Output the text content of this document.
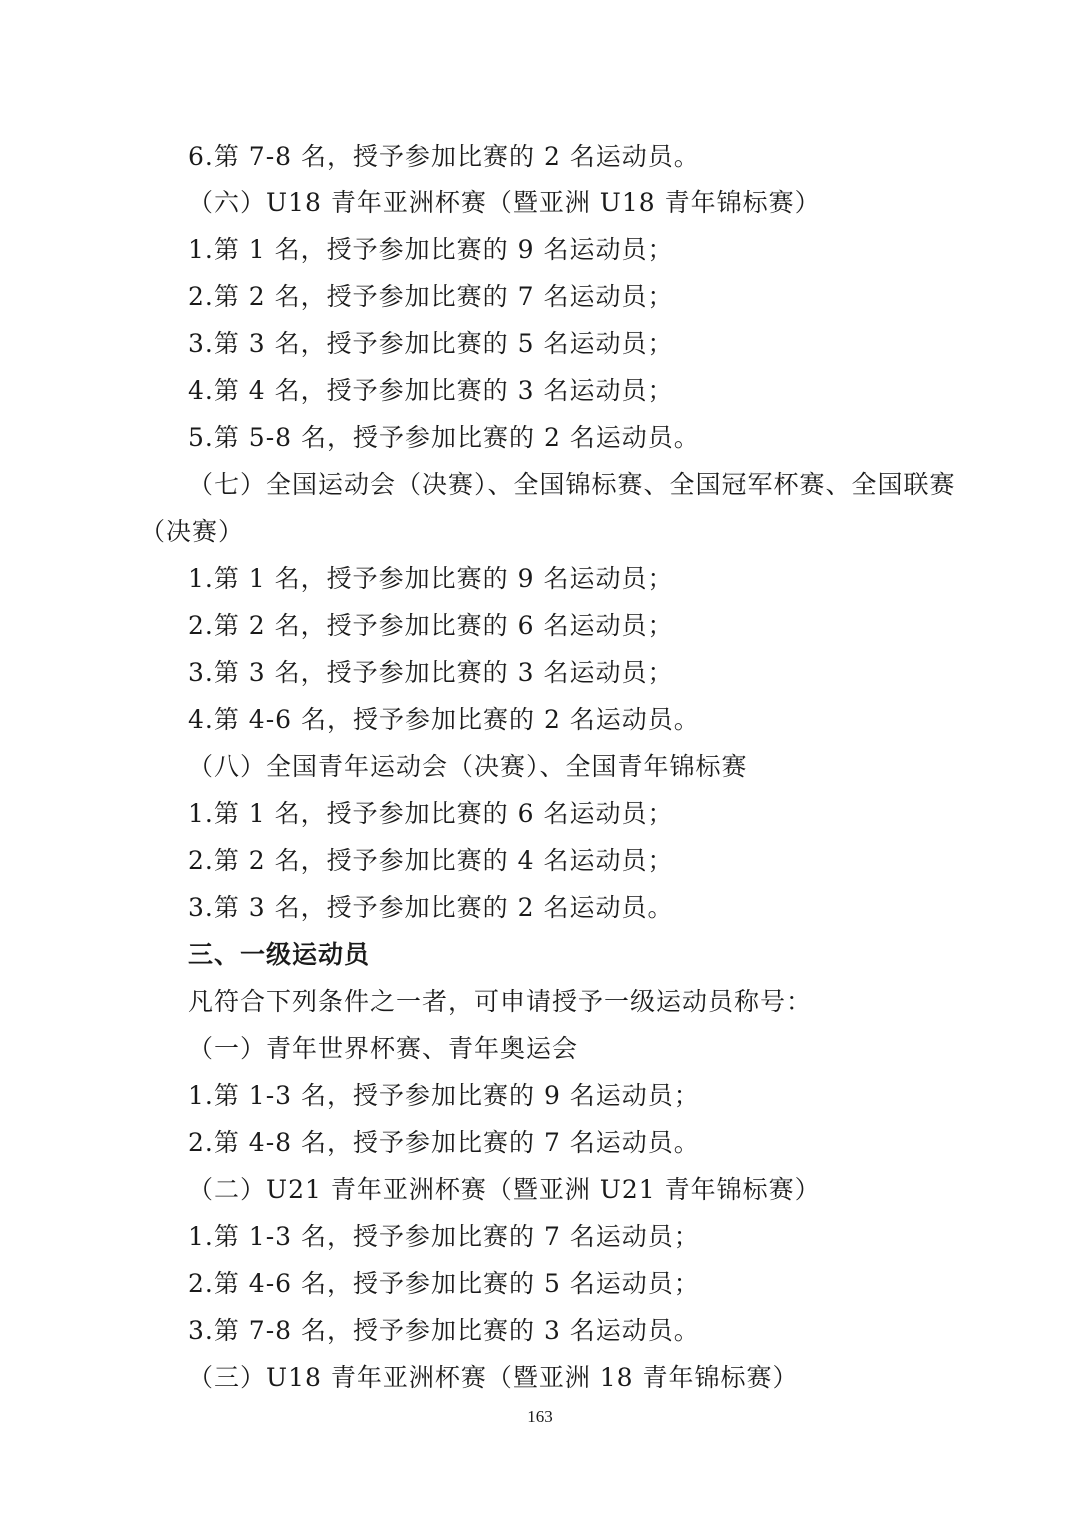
6.第 7-8 名，授予参加比赛的 2 名运动员。
（六）U18 青年亚洲杯赛（暨亚洲 U18 青年锦标赛）
1.第 1 名，授予参加比赛的 9 名运动员；
2.第 2 名，授予参加比赛的 7 名运动员；
3.第 3 名，授予参加比赛的 5 名运动员；
4.第 4 名，授予参加比赛的 3 名运动员；
5.第 5-8 名，授予参加比赛的 2 名运动员。
（七）全国运动会（决赛）、全国锦标赛、全国冠军杯赛、全国联赛
（决赛）
1.第 1 名，授予参加比赛的 9 名运动员；
2.第 2 名，授予参加比赛的 6 名运动员；
3.第 3 名，授予参加比赛的 3 名运动员；
4.第 4-6 名，授予参加比赛的 2 名运动员。
（八）全国青年运动会（决赛）、全国青年锦标赛
1.第 1 名，授予参加比赛的 6 名运动员；
2.第 2 名，授予参加比赛的 4 名运动员；
3.第 3 名，授予参加比赛的 2 名运动员。
三、一级运动员
凡符合下列条件之一者，可申请授予一级运动员称号：
（一）青年世界杯赛、青年奥运会
1.第 1-3 名，授予参加比赛的 9 名运动员；
2.第 4-8 名，授予参加比赛的 7 名运动员。
（二）U21 青年亚洲杯赛（暨亚洲 U21 青年锦标赛）
1.第 1-3 名，授予参加比赛的 7 名运动员；
2.第 4-6 名，授予参加比赛的 5 名运动员；
3.第 7-8 名，授予参加比赛的 3 名运动员。
（三）U18 青年亚洲杯赛（暨亚洲 18 青年锦标赛）
163
